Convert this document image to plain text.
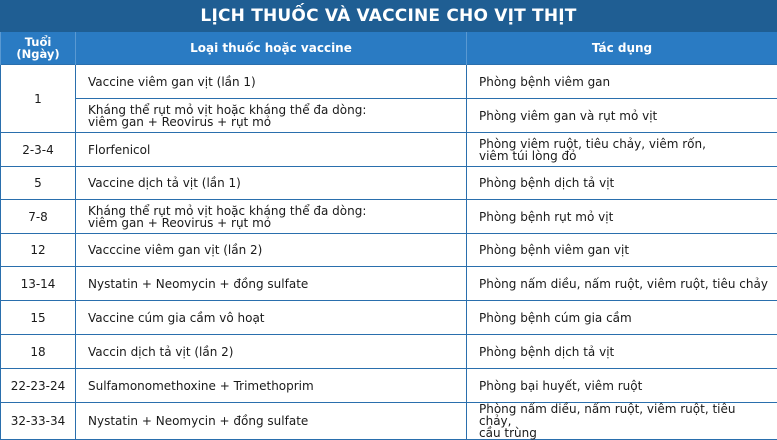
LỊCH THUỐC VÀ VACCINE CHO VỊT THỊT
Tuổi
(Ngày)	Loại thuốc hoặc vaccine	Tác dụng
1	Vaccine viêm gan vịt (lần 1)	Phòng bệnh viêm gan
	Kháng thể rụt mỏ vịt hoặc kháng thể đa dòng:
viêm gan + Reovirus + rụt mỏ	Phòng viêm gan và rụt mỏ vịt
2-3-4	Florfenicol	Phòng viêm ruột, tiêu chảy, viêm rốn,
viêm túi lòng đỏ
5	Vaccine dịch tả vịt (lần 1)	Phòng bệnh dịch tả vịt
7-8	Kháng thể rụt mỏ vịt hoặc kháng thể đa dòng:
viêm gan + Reovirus + rụt mỏ	Phòng bệnh rụt mỏ vịt
12	Vacccine viêm gan vịt (lần 2)	Phòng bệnh viêm gan vịt
13-14	Nystatin + Neomycin + đồng sulfate	Phòng nấm diều, nấm ruột, viêm ruột, tiêu chảy
15	Vaccine cúm gia cầm vô hoạt	Phòng bệnh cúm gia cầm
18	Vaccin dịch tả vịt (lần 2)	Phòng bệnh dịch tả vịt
22-23-24	Sulfamonomethoxine + Trimethoprim	Phòng bại huyết, viêm ruột
32-33-34	Nystatin + Neomycin + đồng sulfate	Phòng nấm diều, nấm ruột, viêm ruột, tiêu chảy,
cầu trùng
